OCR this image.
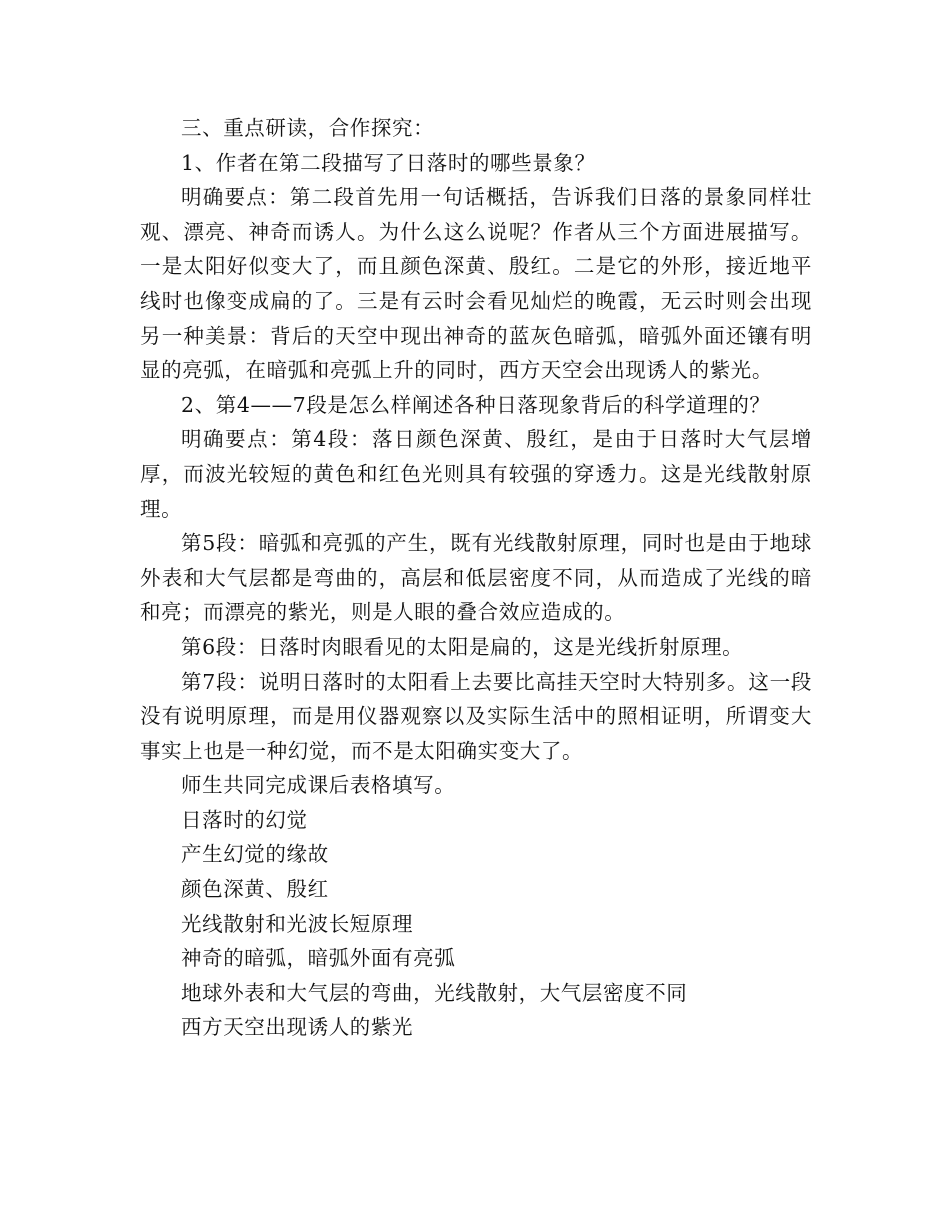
三、重点研读，合作探究：

1、作者在第二段描写了日落时的哪些景象？

明确要点：第二段首先用一句话概括，告诉我们日落的景象同样壮观、漂亮、神奇而诱人。为什么这么说呢？作者从三个方面进展描写。一是太阳好似变大了，而且颜色深黄、殷红。二是它的外形，接近地平线时也像变成扁的了。三是有云时会看见灿烂的晚霞，无云时则会出现另一种美景：背后的天空中现出神奇的蓝灰色暗弧，暗弧外面还镶有明显的亮弧，在暗弧和亮弧上升的同时，西方天空会出现诱人的紫光。

2、第4——7段是怎么样阐述各种日落现象背后的科学道理的？

明确要点：第4段：落日颜色深黄、殷红，是由于日落时大气层增厚，而波光较短的黄色和红色光则具有较强的穿透力。这是光线散射原理。

第5段：暗弧和亮弧的产生，既有光线散射原理，同时也是由于地球外表和大气层都是弯曲的，高层和低层密度不同，从而造成了光线的暗和亮；而漂亮的紫光，则是人眼的叠合效应造成的。

第6段：日落时肉眼看见的太阳是扁的，这是光线折射原理。

第7段：说明日落时的太阳看上去要比高挂天空时大特别多。这一段没有说明原理，而是用仪器观察以及实际生活中的照相证明，所谓变大事实上也是一种幻觉，而不是太阳确实变大了。

师生共同完成课后表格填写。

日落时的幻觉

产生幻觉的缘故

颜色深黄、殷红

光线散射和光波长短原理

神奇的暗弧，暗弧外面有亮弧

地球外表和大气层的弯曲，光线散射，大气层密度不同

西方天空出现诱人的紫光
